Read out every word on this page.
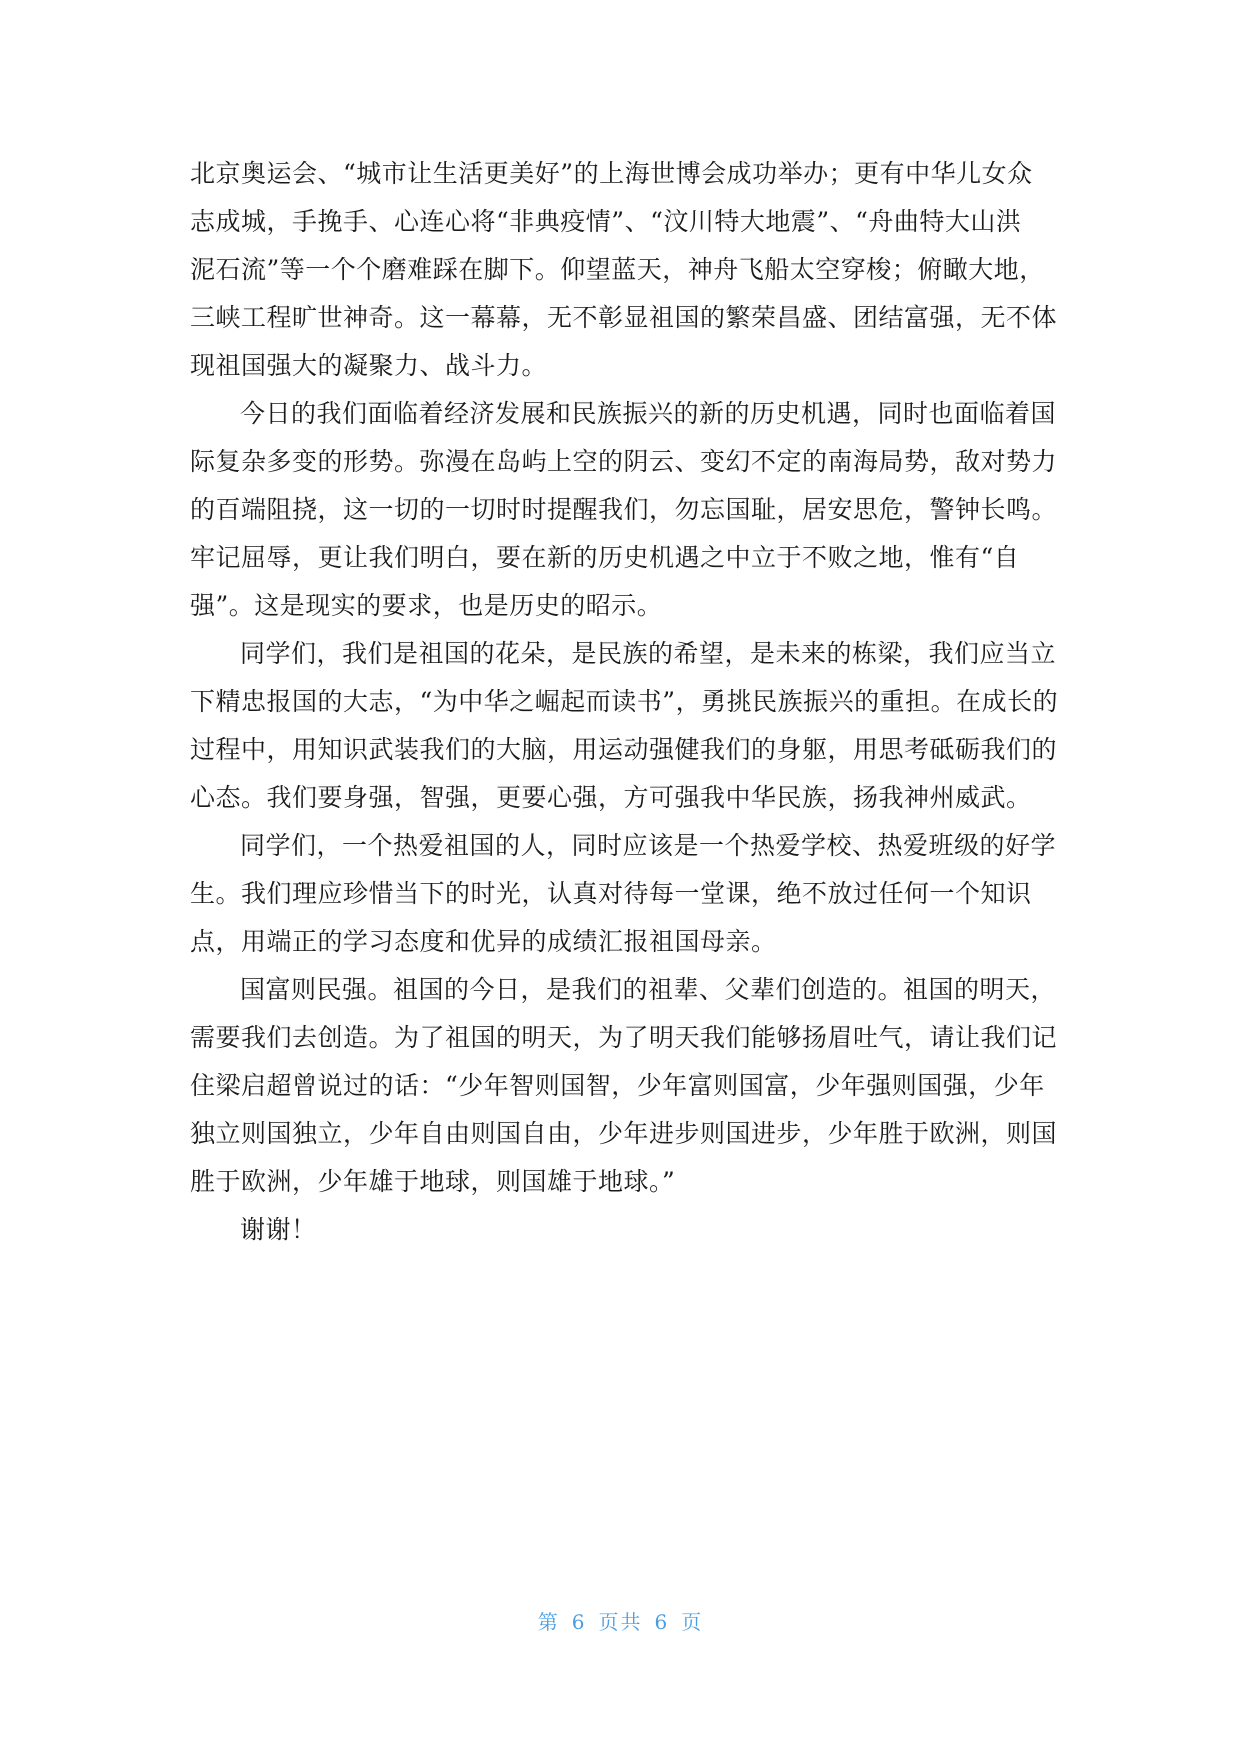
北京奥运会、“城市让生活更美好”的上海世博会成功举办；更有中华儿女众
志成城，手挽手、心连心将“非典疫情”、“汶川特大地震”、“舟曲特大山洪
泥石流”等一个个磨难踩在脚下。仰望蓝天，神舟飞船太空穿梭；俯瞰大地，
三峡工程旷世神奇。这一幕幕，无不彰显祖国的繁荣昌盛、团结富强，无不体
现祖国强大的凝聚力、战斗力。

今日的我们面临着经济发展和民族振兴的新的历史机遇，同时也面临着国
际复杂多变的形势。弥漫在岛屿上空的阴云、变幻不定的南海局势，敌对势力
的百端阻挠，这一切的一切时时提醒我们，勿忘国耻，居安思危，警钟长鸣。
牢记屈辱，更让我们明白，要在新的历史机遇之中立于不败之地，惟有“自
强”。这是现实的要求，也是历史的昭示。

同学们，我们是祖国的花朵，是民族的希望，是未来的栋梁，我们应当立
下精忠报国的大志，“为中华之崛起而读书”，勇挑民族振兴的重担。在成长的
过程中，用知识武装我们的大脑，用运动强健我们的身躯，用思考砥砺我们的
心态。我们要身强，智强，更要心强，方可强我中华民族，扬我神州威武。

同学们，一个热爱祖国的人，同时应该是一个热爱学校、热爱班级的好学
生。我们理应珍惜当下的时光，认真对待每一堂课，绝不放过任何一个知识
点，用端正的学习态度和优异的成绩汇报祖国母亲。

国富则民强。祖国的今日，是我们的祖辈、父辈们创造的。祖国的明天，
需要我们去创造。为了祖国的明天，为了明天我们能够扬眉吐气，请让我们记
住梁启超曾说过的话：“少年智则国智，少年富则国富，少年强则国强，少年
独立则国独立，少年自由则国自由，少年进步则国进步，少年胜于欧洲，则国
胜于欧洲，少年雄于地球，则国雄于地球。”

谢谢！

第 6 页共 6 页
